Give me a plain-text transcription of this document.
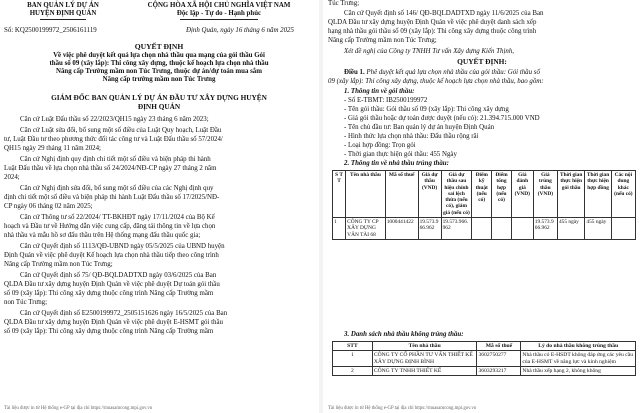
BAN QUẢN LÝ DỰ ÁN
HUYỆN ĐỊNH QUÁN
CỘNG HÒA XÃ HỘI CHỦ NGHĨA VIỆT NAM
Độc lập - Tự do - Hạnh phúc
Số: KQ2500199972_2506161119	Định Quán, ngày 16 tháng 6 năm 2025
QUYẾT ĐỊNH
Về việc phê duyệt kết quả lựa chọn nhà thầu qua mạng của gói thầu Gói
thầu số 09 (xây lắp): Thi công xây dựng, thuộc kế hoạch lựa chọn nhà thầu
Nâng cấp Trường mầm non Túc Trưng, thuộc dự án/dự toán mua sắm
Nâng cấp trường mầm non Túc Trưng
GIÁM ĐỐC BAN QUẢN LÝ DỰ ÁN ĐẦU TƯ XÂY DỰNG HUYỆN
ĐỊNH QUÁN
Căn cứ Luật Đấu thầu số 22/2023/QH15 ngày 23 tháng 6 năm 2023;
Căn cứ Luật sửa đổi, bổ sung một số điều của Luật Quy hoạch, Luật Đầu
tư, Luật Đầu tư theo phương thức đối tác công tư và Luật Đấu thầu số 57/2024/
QH15 ngày 29 tháng 11 năm 2024;
Căn cứ Nghị định quy định chi tiết một số điều và biện pháp thi hành
Luật Đấu thầu về lựa chọn nhà thầu số 24/2024/NĐ-CP ngày 27 tháng 2 năm
2024;
Căn cứ Nghị định sửa đổi, bổ sung một số điều của các Nghị định quy
định chi tiết một số điều và biện pháp thi hành Luật Đấu thầu số 17/2025/NĐ-
CP ngày 06 tháng 02 năm 2025;
Căn cứ Thông tư số 22/2024/ TT-BKHĐT ngày 17/11/2024 của Bộ Kế
hoạch và Đầu tư về Hướng dẫn việc cung cấp, đăng tải thông tin về lựa chọn
nhà thầu và mẫu hồ sơ đấu thầu trên Hệ thống mạng đấu thầu quốc gia;
Căn cứ Quyết định số 1113/QĐ-UBND ngày 05/5/2025 của UBND huyện
Định Quán về việc phê duyệt Kế hoạch lựa chọn nhà thầu tiếp theo công trình
Nâng cấp Trường mầm non Túc Trưng;
Căn cứ Quyết định số 75/ QĐ-BQLDADTXD ngày 03/6/2025 của Ban
QLDA Đầu tư xây dựng huyện Định Quán về việc phê duyệt Dự toán gói thầu
số 09 (xây lắp): Thi công xây dựng thuộc công trình Nâng cấp Trường mầm
non Túc Trưng;
Căn cứ Quyết định số E2500199972_2505151626 ngày 16/5/2025 của Ban
QLDA Đầu tư xây dựng huyện Định Quán về việc phê duyệt E-HSMT gói thầu
số 09 (xây lắp): Thi công xây dựng thuộc công trình Nâng cấp Trường mầm
Tài liệu được in từ Hệ thống e-GP tại địa chỉ https://muasamcong.mpi.gov.vn
Túc Trưng;
Căn cứ Quyết định số 146/ QĐ-BQLDADTXD ngày 11/6/2025 của Ban
QLDA Đầu tư xây dựng huyện Định Quán về việc phê duyệt danh sách xếp
hạng nhà thầu gói thầu số 09 (xây lắp): Thi công xây dựng thuộc công trình
Nâng cấp Trường mầm non Túc Trưng;
Xét đề nghị của Công ty TNHH Tư vấn Xây dựng Kiến Thịnh,
QUYẾT ĐỊNH:
Điều 1. Phê duyệt kết quả lựa chọn nhà thầu của gói thầu: Gói thầu số
09 (xây lắp): Thi công xây dựng, thuộc kế hoạch lựa chọn nhà thầu, bao gồm:
1. Thông tin về gói thầu:
- Số E-TBMT: IB2500199972
- Tên gói thầu: Gói thầu số 09 (xây lắp): Thi công xây dựng
- Giá gói thầu hoặc dự toán được duyệt (nếu có): 21.394.715.000 VND
- Tên chủ đầu tư: Ban quản lý dự án huyện Định Quán
- Hình thức lựa chọn nhà thầu: Đấu thầu rộng rãi
- Loại hợp đồng: Trọn gói
- Thời gian thực hiện gói thầu: 455 Ngày
2. Thông tin về nhà thầu trúng thầu:
S T T	Tên nhà thầu	Mã số thuế	Giá dự thầu (VND)	Giá dự thầu sau hiệu chỉnh sai lệch thừa (nếu có), giảm giá (nếu có)	Điểm kỹ thuật (nếu có)	Điểm tổng hợp (nếu có)	Giá đánh giá (VND)	Giá trúng thầu (VND)	Thời gian thực hiện gói thầu	Thời gian thực hiện hợp đồng	Các nội dung khác (nếu có)
1	CÔNG TY CP XÂY DỰNG VÂN TÀI 68	1000441422	19.573.966.962	19.573.966.962				19.573.966.962	455 ngày	455 ngày	
3. Danh sách nhà thầu không trúng thầu:
STT	Tên nhà thầu	Mã số thuế	Lý do nhà thầu không trúng thầu
1	CÔNG TY CỔ PHẦN TƯ VẤN THIẾT KẾ XÂY DỰNG ĐỊNH BÌNH	3602750277	Nhà thầu có E-HSDT không đáp ứng các yêu cầu của E-HSMT về năng lực và kinh nghiệm
2	CÔNG TY TNHH THIẾT KẾ	3603293217	Nhà thầu xếp hạng 2, không không
Tài liệu được in từ Hệ thống e-GP tại địa chỉ https://muasamcong.mpi.gov.vn
